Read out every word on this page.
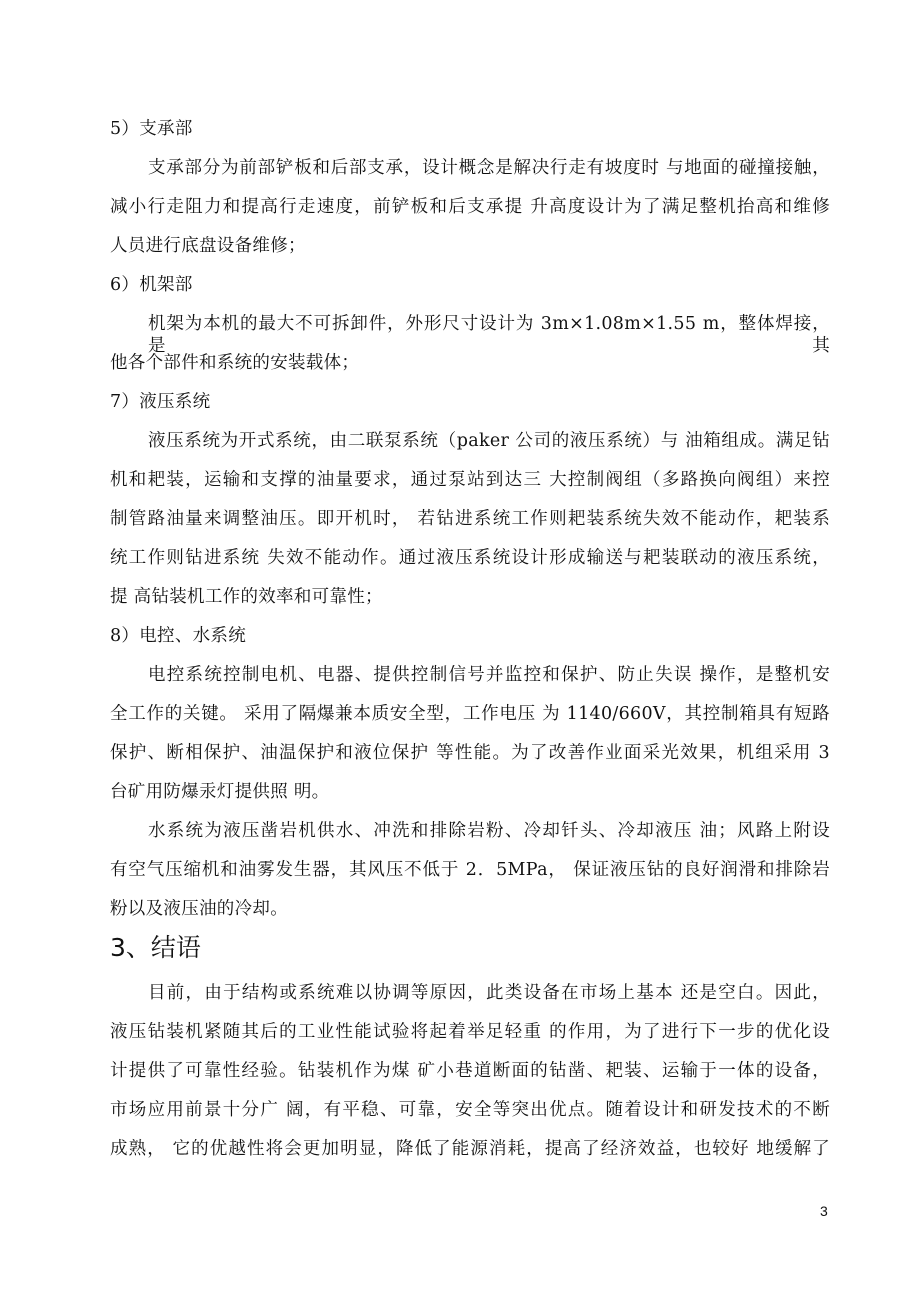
5）支承部
支承部分为前部铲板和后部支承，设计概念是解决行走有坡度时 与地面的碰撞接触，
减小行走阻力和提高行走速度，前铲板和后支承提 升高度设计为了满足整机抬高和维修
人员进行底盘设备维修；
6）机架部
机架为本机的最大不可拆卸件，外形尺寸设计为 3m×1.08m×1.55 m，整体焊接，是其
他各个部件和系统的安装载体；
7）液压系统
液压系统为开式系统，由二联泵系统（paker 公司的液压系统）与 油箱组成。满足钻
机和耙装，运输和支撑的油量要求，通过泵站到达三 大控制阀组（多路换向阀组）来控
制管路油量来调整油压。即开机时， 若钻进系统工作则耙装系统失效不能动作，耙装系
统工作则钻进系统 失效不能动作。通过液压系统设计形成输送与耙装联动的液压系统，
提 高钻装机工作的效率和可靠性；
8）电控、水系统
电控系统控制电机、电器、提供控制信号并监控和保护、防止失误 操作，是整机安
全工作的关键。 采用了隔爆兼本质安全型，工作电压 为 1140/660V，其控制箱具有短路
保护、断相保护、油温保护和液位保护 等性能。为了改善作业面采光效果，机组采用 3
台矿用防爆汞灯提供照 明。
水系统为液压凿岩机供水、冲洗和排除岩粉、冷却钎头、冷却液压 油；风路上附设
有空气压缩机和油雾发生器，其风压不低于 2．5MPa， 保证液压钻的良好润滑和排除岩
粉以及液压油的冷却。
3、结语
目前，由于结构或系统难以协调等原因，此类设备在市场上基本 还是空白。因此，
液压钻装机紧随其后的工业性能试验将起着举足轻重 的作用，为了进行下一步的优化设
计提供了可靠性经验。钻装机作为煤 矿小巷道断面的钻凿、耙装、运输于一体的设备，
市场应用前景十分广 阔，有平稳、可靠，安全等突出优点。随着设计和研发技术的不断
成熟， 它的优越性将会更加明显，降低了能源消耗，提高了经济效益，也较好 地缓解了
3
